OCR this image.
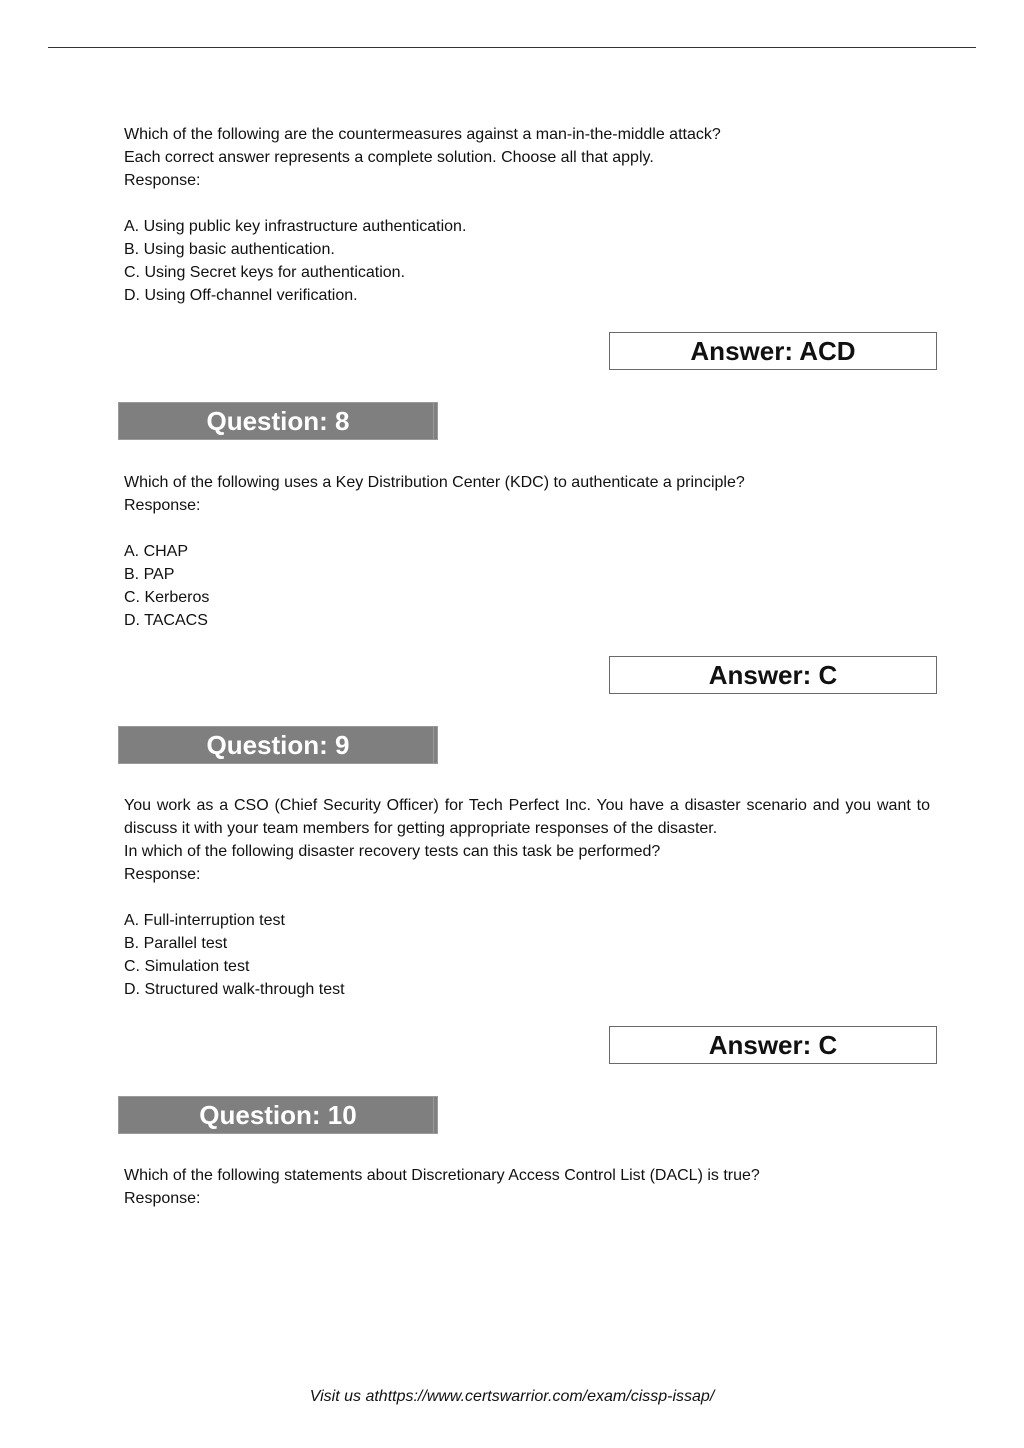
Which of the following are the countermeasures against a man-in-the-middle attack?
Each correct answer represents a complete solution. Choose all that apply.
Response:
A. Using public key infrastructure authentication.
B. Using basic authentication.
C. Using Secret keys for authentication.
D. Using Off-channel verification.
Answer: ACD
Question: 8
Which of the following uses a Key Distribution Center (KDC) to authenticate a principle?
Response:
A. CHAP
B. PAP
C. Kerberos
D. TACACS
Answer: C
Question: 9
You work as a CSO (Chief Security Officer) for Tech Perfect Inc. You have a disaster scenario and you want to discuss it with your team members for getting appropriate responses of the disaster.
In which of the following disaster recovery tests can this task be performed?
Response:
A. Full-interruption test
B. Parallel test
C. Simulation test
D. Structured walk-through test
Answer: C
Question: 10
Which of the following statements about Discretionary Access Control List (DACL) is true?
Response:
Visit us athttps://www.certswarrior.com/exam/cissp-issap/
